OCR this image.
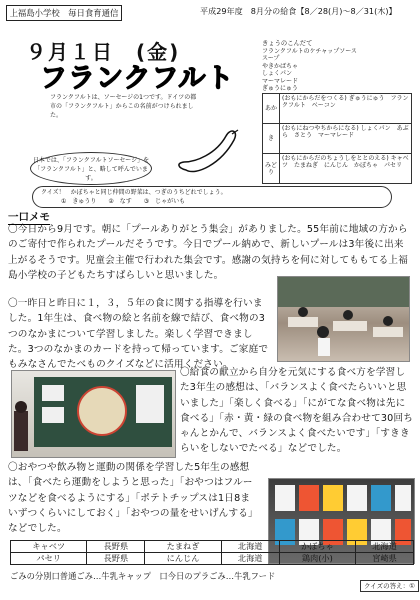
上福島小学校　毎日食育通信	平成29年度　8月分の給食【8／28(月)～8／31(木)】
９月１日　(金)
フランクフルト
フランクフルトは、ソーセージの1つです。ドイツの都市の「フランクフルト」からこの名前がつけられました。
日本では、「フランクフルトソーセージ」を「フランクフルト」と、略して呼んでいます。
きょうのこんだて
フランクフルトのケチャップソース
スープ
やきかばちゃ
しょくパン
マーマレード
ぎゅうにゅう
あか	(おもにからだをつくる) ぎゅうにゅう　フランクフルト　ベーコン
き	(おもにねつやちからになる) しょくパン　あぶら　さとう　マーマレード
みどり	(おもにからだのちょうしをととのえる) キャベツ　たまねぎ　にんじん　かぼちゃ　パセリ
クイズ！　かぼちゃと同じ仲間の野菜は、つぎのうちどれでしょう。
①　きゅうり　　②　なす　　③　じゃがいも
一口メモ
〇今日から9月です。朝に「プールありがとう集会」がありました。55年前に地域の方からのご寄付で作られたプールだそうです。今日でプール納めで、新しいプールは3年後に出来上がるそうです。児童会主催で行われた集会です。感謝の気持ちを何に対してももてる上福島小学校の子どもたちすばらしいと思いました。
〇一昨日と昨日に１，３，５年の食に関する指導を行いました。1年生は、食べ物の絵と名前を線で結び、食べ物の3つのなかまについて学習しました。楽しく学習できました。3つのなかまのカードを持って帰っています。ご家庭でもみなさんでたべものクイズなどに活用ください。
〇給食の献立から自分を元気にする食べ方を学習した3年生の感想は、「バランスよく食べたらいいと思いました」「楽しく食べる」「にがてな食べ物は先に食べる」「赤・黄・緑の食べ物を組み合わせて30回ちゃんとかんで、バランスよく食べたいです」「すききらいをしないでたべる」などでした。
〇おやつや飲み物と運動の関係を学習した5年生の感想は、「食べたら運動をしようと思った」「おやつはフルーツなどを食べるようにする」「ポテトチップスは1日8まいずつくらいにしておく」「おやつの量をせいげんする」などでした。
キャベツ	長野県	たまねぎ	北海道	かぼちゃ	北海道
パセリ	長野県	にんじん	北海道	鶏肉(小)	宮崎県
ごみの分別口普通ごみ…牛乳キャップ　口今日のプラごみ…牛乳フード
クイズの答え：①
